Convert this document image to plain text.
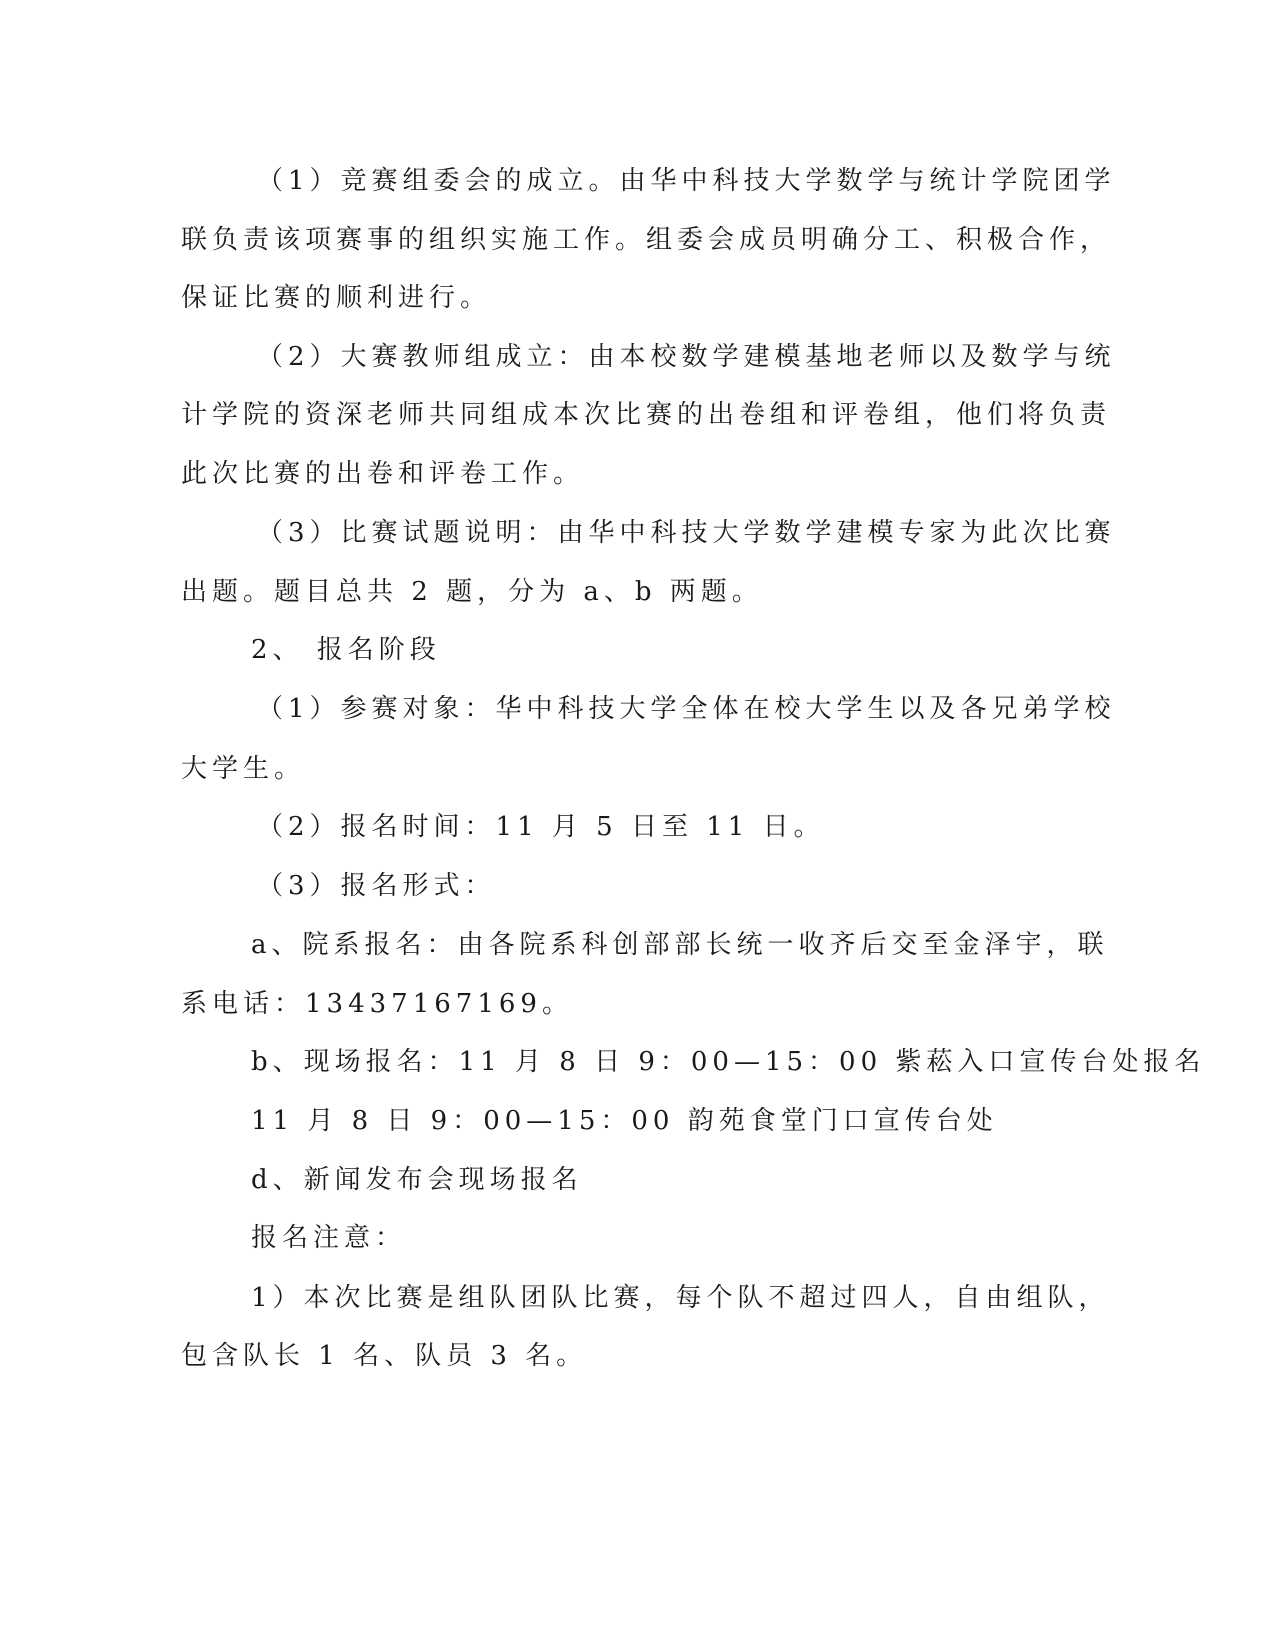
（1）竞赛组委会的成立。由华中科技大学数学与统计学院团学
联负责该项赛事的组织实施工作。组委会成员明确分工、积极合作，
保证比赛的顺利进行。
（2）大赛教师组成立：由本校数学建模基地老师以及数学与统
计学院的资深老师共同组成本次比赛的出卷组和评卷组，他们将负责
此次比赛的出卷和评卷工作。
（3）比赛试题说明：由华中科技大学数学建模专家为此次比赛
出题。题目总共 2 题，分为 a、b 两题。
2、 报名阶段
（1）参赛对象：华中科技大学全体在校大学生以及各兄弟学校
大学生。
（2）报名时间：11 月 5 日至 11 日。
（3）报名形式：
a、院系报名：由各院系科创部部长统一收齐后交至金泽宇，联
系电话：13437167169。
b、现场报名：11 月 8 日 9：00—15：00 紫菘入口宣传台处报名
11 月 8 日 9：00—15：00 韵苑食堂门口宣传台处
d、新闻发布会现场报名
报名注意：
1）本次比赛是组队团队比赛，每个队不超过四人，自由组队，
包含队长 1 名、队员 3 名。
